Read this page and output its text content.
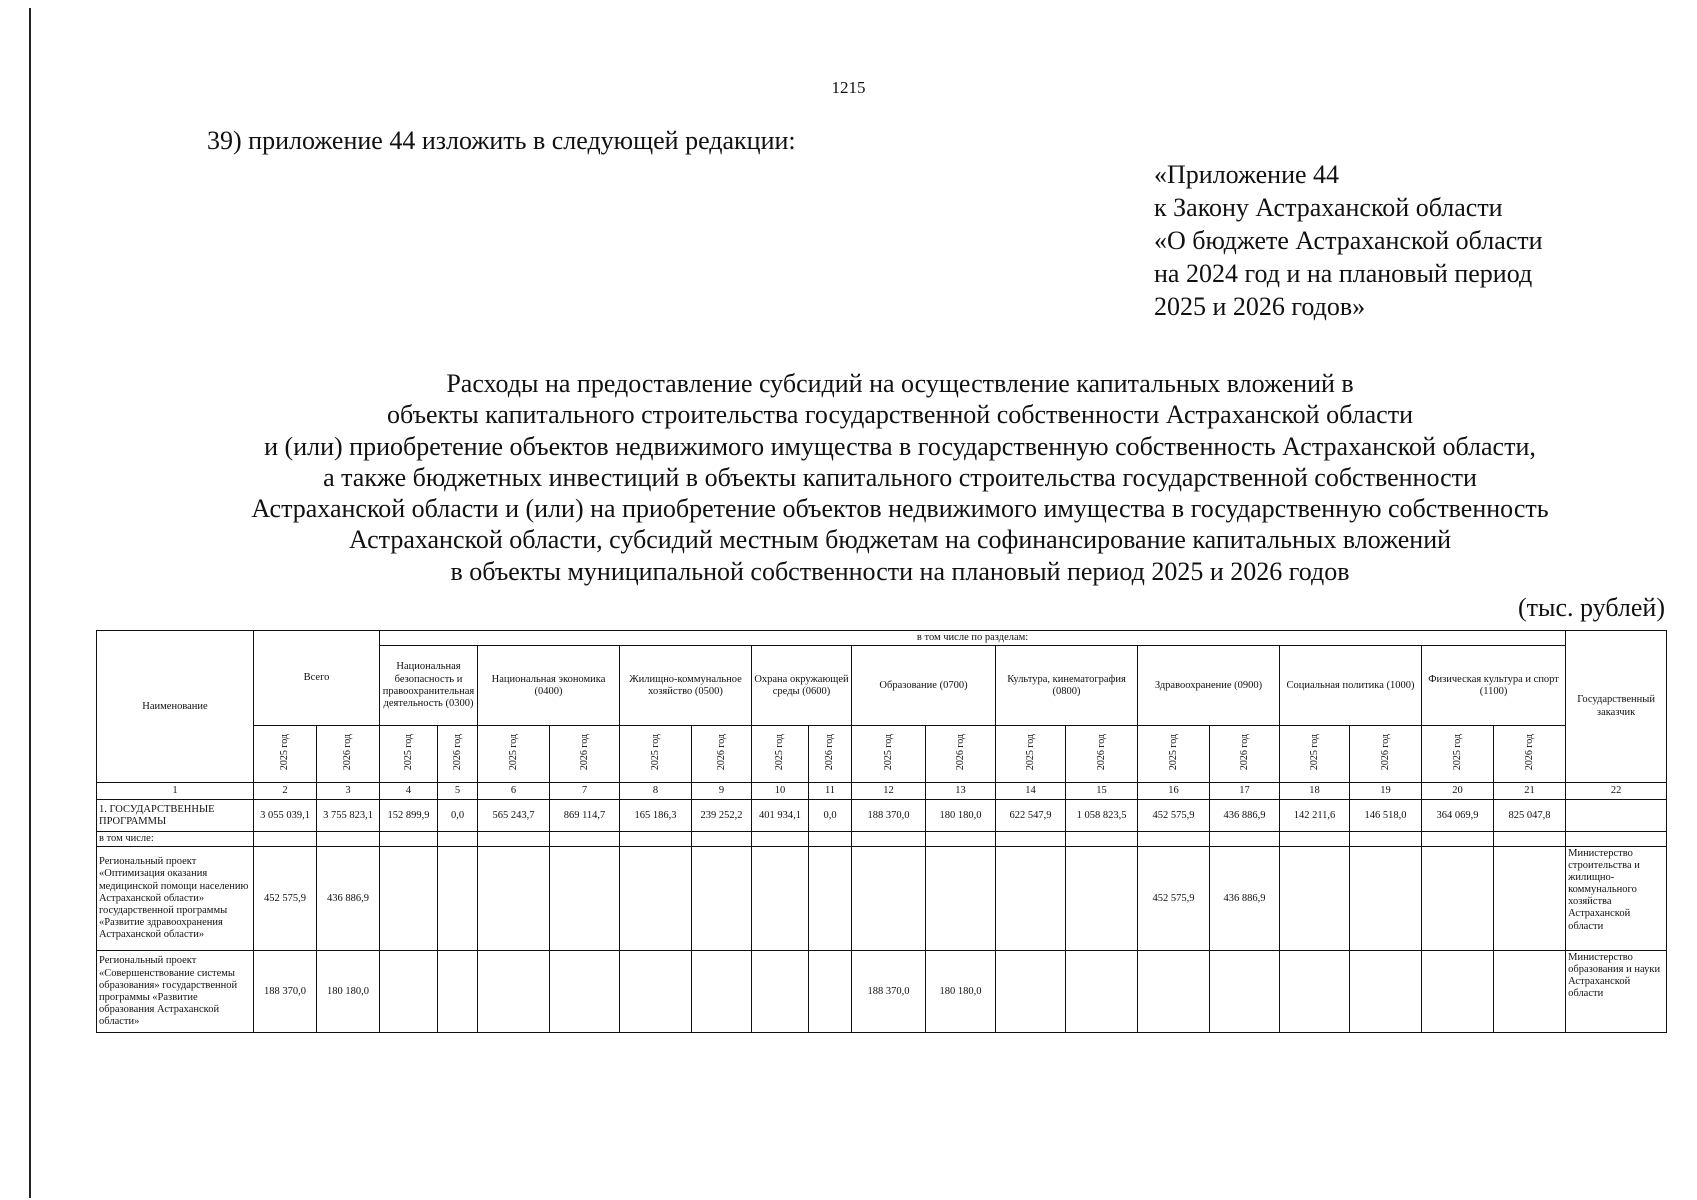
1215
39) приложение 44 изложить в следующей редакции:
«Приложение 44
к Закону Астраханской области
«О бюджете Астраханской области
на 2024 год и на плановый период
2025 и 2026 годов»
Расходы на предоставление субсидий на осуществление капитальных вложений в
объекты капитального строительства государственной собственности Астраханской области
и (или) приобретение объектов недвижимого имущества в государственную собственность Астраханской области,
а также бюджетных инвестиций в объекты капитального строительства государственной собственности
Астраханской области и (или) на приобретение объектов недвижимого имущества в государственную собственность
Астраханской области, субсидий местным бюджетам на софинансирование капитальных вложений
в объекты муниципальной собственности на плановый период 2025 и 2026 годов
(тыс. рублей)
Наименование	Всего		в том числе по разделам:																		Государственный заказчик
			Национальная безопасность и правоохранительная деятельность (0300)		Национальная экономика (0400)		Жилищно-коммунальное хозяйство (0500)		Охрана окружающей среды (0600)		Образование (0700)		Культура, кинематография (0800)		Здравоохранение (0900)		Социальная политика (1000)		Физическая культура и спорт (1100)		
	2025 год	2026 год	2025 год	2026 год	2025 год	2026 год	2025 год	2026 год	2025 год	2026 год	2025 год	2026 год	2025 год	2026 год	2025 год	2026 год	2025 год	2026 год	2025 год	2026 год	
1	2	3	4	5	6	7	8	9	10	11	12	13	14	15	16	17	18	19	20	21	22
1. ГОСУДАРСТВЕННЫЕ ПРОГРАММЫ	3 055 039,1	3 755 823,1	152 899,9	0,0	565 243,7	869 114,7	165 186,3	239 252,2	401 934,1	0,0	188 370,0	180 180,0	622 547,9	1 058 823,5	452 575,9	436 886,9	142 211,6	146 518,0	364 069,9	825 047,8	
в том числе:																					
Региональный проект «Оптимизация оказания медицинской помощи населению Астраханской области» государственной программы «Развитие здравоохранения Астраханской области»	452 575,9	436 886,9													452 575,9	436 886,9					Министерство строительства и жилищно-коммунального хозяйства Астраханской области
Региональный проект «Совершенствование системы образования» государственной программы «Развитие образования Астраханской области»	188 370,0	180 180,0									188 370,0	180 180,0									Министерство образования и науки Астраханской области
